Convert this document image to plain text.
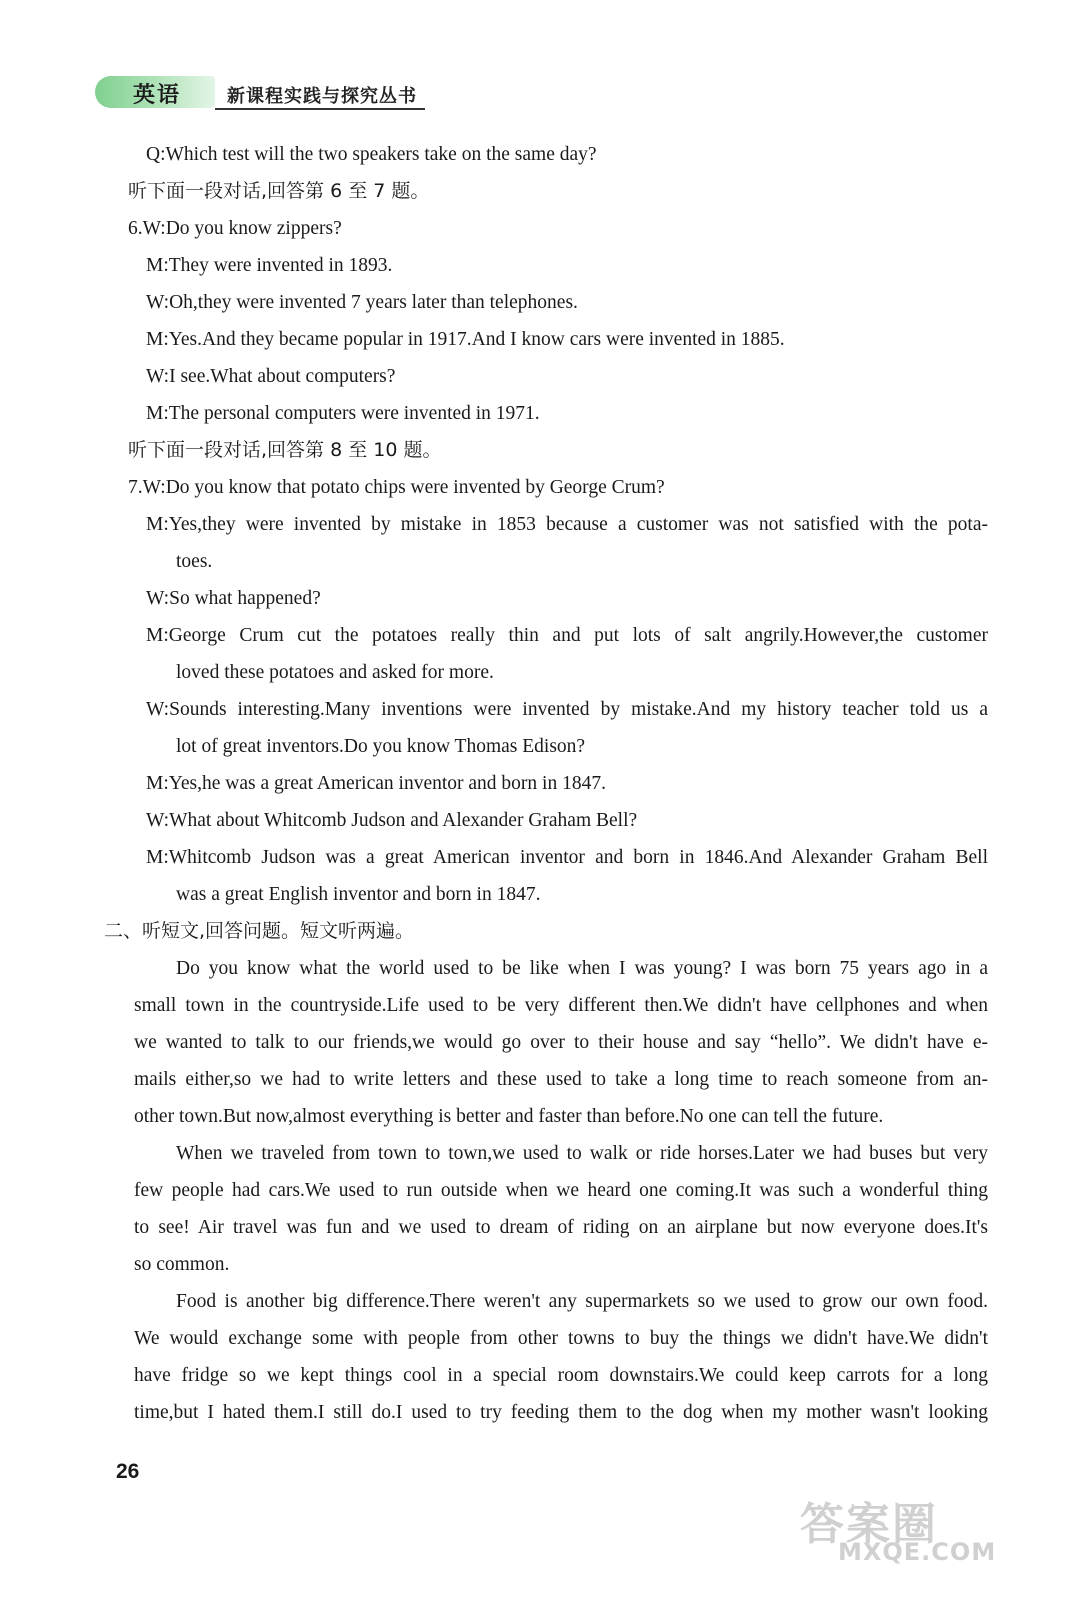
英语	新课程实践与探究丛书
Q:Which test will the two speakers take on the same day?
听下面一段对话,回答第 6 至 7 题。
6.W:Do you know zippers?
M:They were invented in 1893.
W:Oh,they were invented 7 years later than telephones.
M:Yes.And they became popular in 1917.And I know cars were invented in 1885.
W:I see.What about computers?
M:The personal computers were invented in 1971.
听下面一段对话,回答第 8 至 10 题。
7.W:Do you know that potato chips were invented by George Crum?
M:Yes,they were invented by mistake in 1853 because a customer was not satisfied with the pota-
toes.
W:So what happened?
M:George Crum cut the potatoes really thin and put lots of salt angrily.However,the customer
loved these potatoes and asked for more.
W:Sounds interesting.Many inventions were invented by mistake.And my history teacher told us a
lot of great inventors.Do you know Thomas Edison?
M:Yes,he was a great American inventor and born in 1847.
W:What about Whitcomb Judson and Alexander Graham Bell?
M:Whitcomb Judson was a great American inventor and born in 1846.And Alexander Graham Bell
was a great English inventor and born in 1847.
二、听短文,回答问题。短文听两遍。
Do you know what the world used to be like when I was young? I was born 75 years ago in a
small town in the countryside.Life used to be very different then.We didn't have cellphones and when
we wanted to talk to our friends,we would go over to their house and say “hello”. We didn't have e-
mails either,so we had to write letters and these used to take a long time to reach someone from an-
other town.But now,almost everything is better and faster than before.No one can tell the future.
When we traveled from town to town,we used to walk or ride horses.Later we had buses but very
few people had cars.We used to run outside when we heard one coming.It was such a wonderful thing
to see! Air travel was fun and we used to dream of riding on an airplane but now everyone does.It's
so common.
Food is another big difference.There weren't any supermarkets so we used to grow our own food.
We would exchange some with people from other towns to buy the things we didn't have.We didn't
have fridge so we kept things cool in a special room downstairs.We could keep carrots for a long
time,but I hated them.I still do.I used to try feeding them to the dog when my mother wasn't looking
26
答案圈
MXQE.COM
